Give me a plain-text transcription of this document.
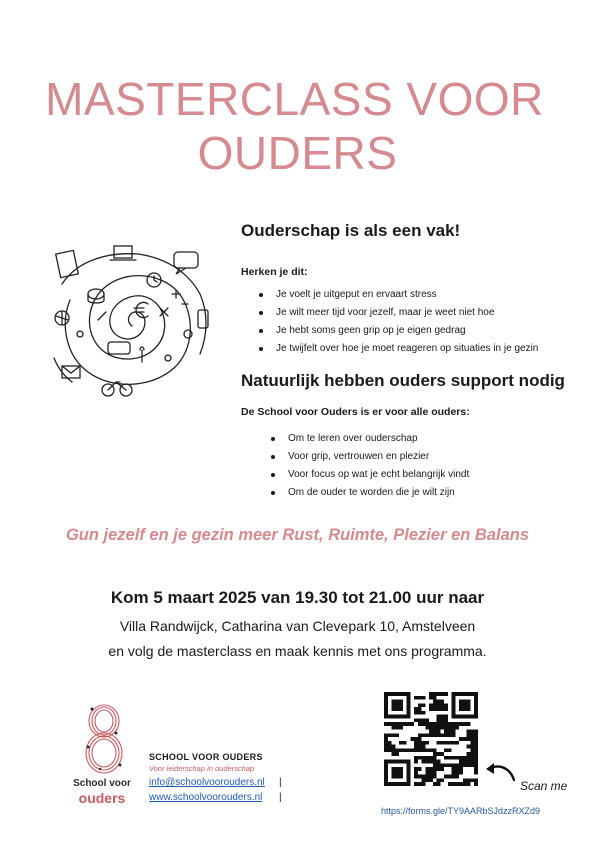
MASTERCLASS VOOR
OUDERS
Ouderschap is als een vak!
Herken je dit:
Je voelt je uitgeput en ervaart stress
Je wilt meer tijd voor jezelf, maar je weet niet hoe
Je hebt soms geen grip op je eigen gedrag
Je twijfelt over hoe je moet reageren op situaties in je gezin
Natuurlijk hebben ouders support nodig
De School voor Ouders is er voor alle ouders:
Om te leren over ouderschap
Voor grip, vertrouwen en plezier
Voor focus op wat je echt belangrijk vindt
Om de ouder te worden die je wilt zijn
Gun jezelf en je gezin meer Rust, Ruimte, Plezier en Balans
Kom 5 maart 2025 van 19.30 tot 21.00 uur naar
Villa Randwijck, Catharina van Clevepark 10, Amstelveen
en volg de masterclass en maak kennis met ons programma.
School voor
ouders
SCHOOL VOOR OUDERS
Voor leiderschap in ouderschap
info@schoolvoorouders.nl |
www.schoolvoorouders.nl |
Scan me
https://forms.gle/TY9AARbSJdzzRXZd9
